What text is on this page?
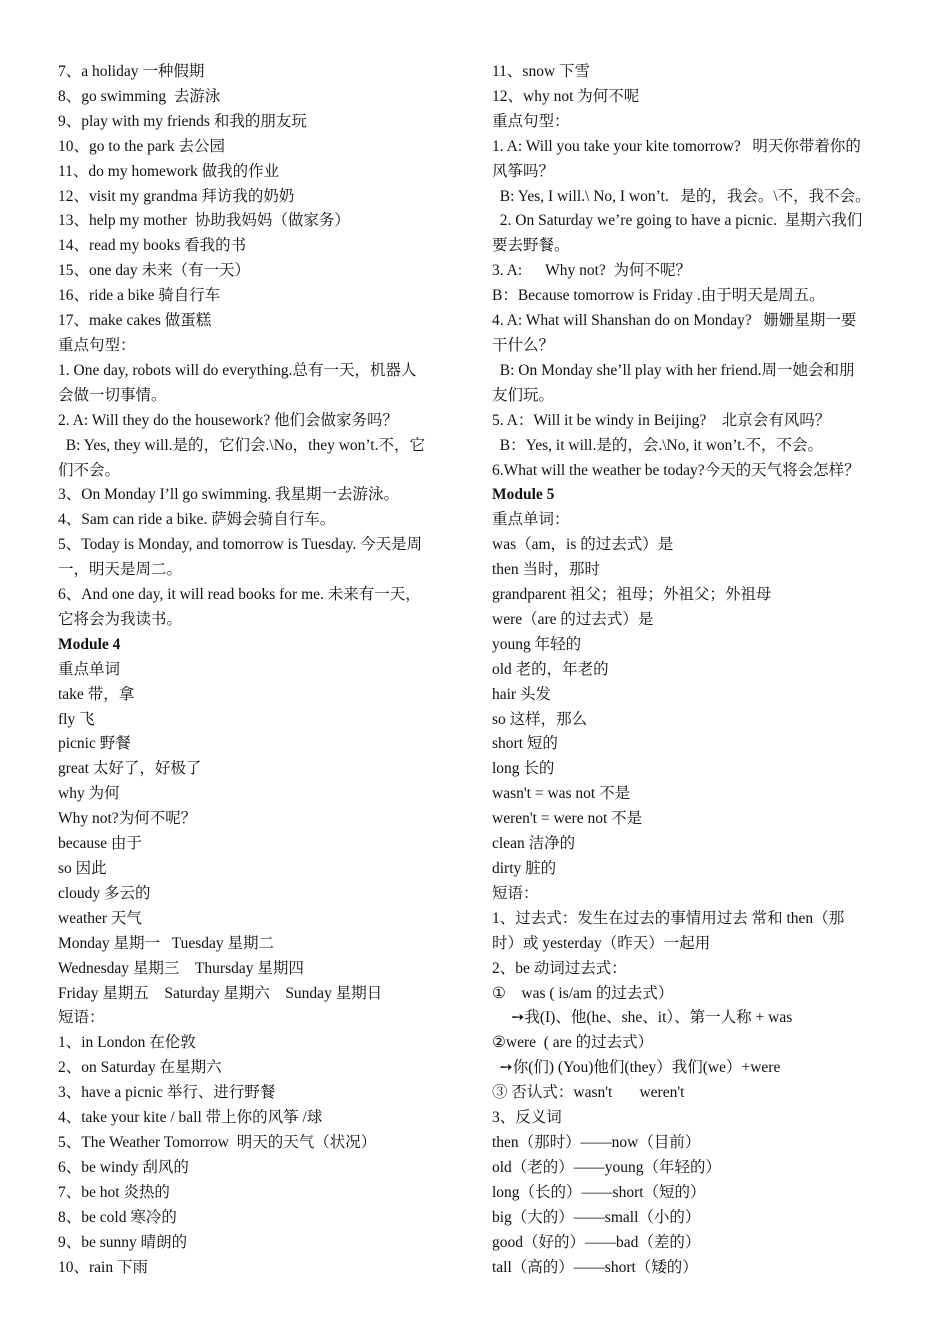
7、a holiday 一种假期

8、go swimming  去游泳

9、play with my friends 和我的朋友玩

10、go to the park 去公园

11、do my homework 做我的作业

12、visit my grandma 拜访我的奶奶

13、help my mother  协助我妈妈（做家务）

14、read my books 看我的书

15、one day 未来（有一天）

16、ride a bike 骑自行车

17、make cakes 做蛋糕

重点句型：

1. One day, robots will do everything.总有一天，机器人

会做一切事情。

2. A: Will they do the housework? 他们会做家务吗？

B: Yes, they will.是的，它们会.\No，they won’t.不，它

们不会。

3、On Monday I’ll go swimming. 我星期一去游泳。

4、Sam can ride a bike. 萨姆会骑自行车。

5、Today is Monday, and tomorrow is Tuesday. 今天是周

一，明天是周二。

6、And one day, it will read books for me. 未来有一天，

它将会为我读书。

Module 4

重点单词

take 带，拿

fly 飞

picnic 野餐

great 太好了，好极了

why 为何

Why not?为何不呢？

because 由于

so 因此

cloudy 多云的

weather 天气

Monday 星期一   Tuesday 星期二

Wednesday 星期三    Thursday 星期四

Friday 星期五    Saturday 星期六    Sunday 星期日

短语：

1、in London 在伦敦

2、on Saturday 在星期六

3、have a picnic 举行、进行野餐

4、take your kite / ball 带上你的风筝 /球

5、The Weather Tomorrow  明天的天气（状况）

6、be windy 刮风的

7、be hot 炎热的

8、be cold 寒冷的

9、be sunny 晴朗的

10、rain 下雨

11、snow 下雪

12、why not 为何不呢

重点句型：

1. A: Will you take your kite tomorrow?   明天你带着你的

风筝吗？

B: Yes, I will.\ No, I won’t.   是的，我会。\不，我不会。

2. On Saturday we’re going to have a picnic.  星期六我们

要去野餐。

3. A:      Why not?  为何不呢？

B：Because tomorrow is Friday .由于明天是周五。

4. A: What will Shanshan do on Monday?   姗姗星期一要

干什么？

B: On Monday she’ll play with her friend.周一她会和朋

友们玩。

5. A：Will it be windy in Beijing?    北京会有风吗？

B：Yes, it will.是的，会.\No, it won’t.不，不会。

6.What will the weather be today?今天的天气将会怎样？

Module 5

重点单词：

was（am，is 的过去式）是

then 当时，那时

grandparent 祖父；祖母；外祖父；外祖母

were（are 的过去式）是

young 年轻的

old 老的，年老的

hair 头发

so 这样，那么

short 短的

long 长的

wasn't = was not 不是

weren't = were not 不是

clean 洁净的

dirty 脏的

短语：

1、过去式：发生在过去的事情用过去 常和 then（那

时）或 yesterday（昨天）一起用

2、be 动词过去式：

①    was ( is/am 的过去式）

➙我(I)、他(he、she、it）、第一人称 + was

②were  ( are 的过去式）

➙你(们) (You)他们(they）我们(we）+were

③ 否认式：wasn't       weren't

3、反义词

then（那时）——now（目前）

old（老的）——young（年轻的）

long（长的）——short（短的）

big（大的）——small（小的）

good（好的）——bad（差的）

tall（高的）——short（矮的）
